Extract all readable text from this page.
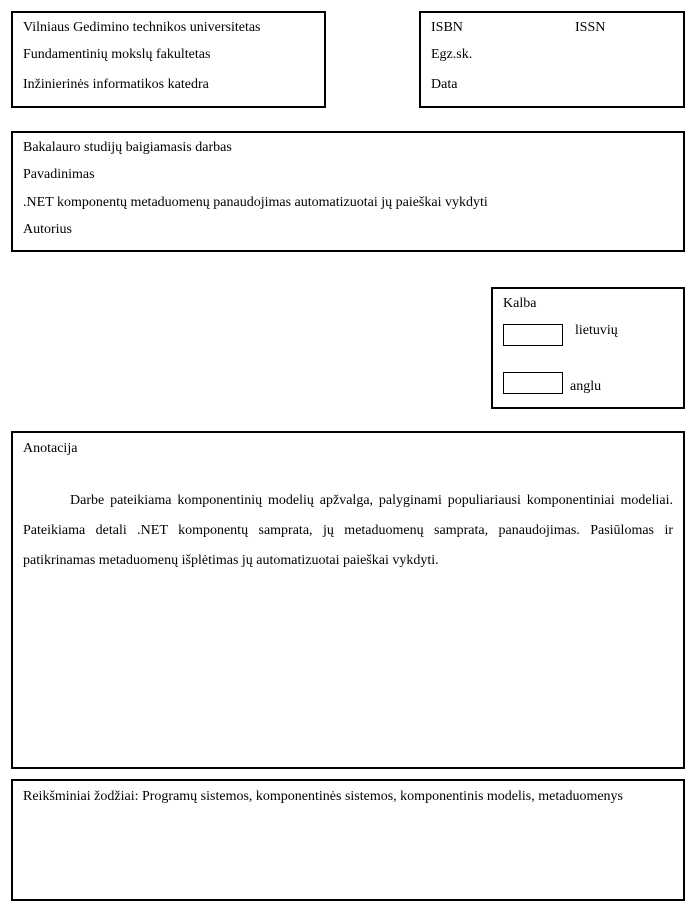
Vilniaus Gedimino technikos universitetas
Fundamentinių mokslų fakultetas
Inžinierinės informatikos katedra
ISBN	ISSN
Egz.sk.
Data
Bakalauro studijų baigiamasis darbas
Pavadinimas
.NET komponentų metaduomenų panaudojimas automatizuotai jų paieškai vykdyti
Autorius
Kalba
lietuvių
anglu
Anotacija

Darbe pateikiama komponentinių modelių apžvalga, palyginami populiariausi komponentiniai modeliai. Pateikiama detali .NET komponentų samprata, jų metaduomenų samprata, panaudojimas. Pasiūlomas ir patikrinamas metaduomenų išplėtimas jų automatizuotai paieškai vykdyti.

Reikšminiai žodžiai: Programų sistemos, komponentinės sistemos, komponentinis modelis, metaduomenys
